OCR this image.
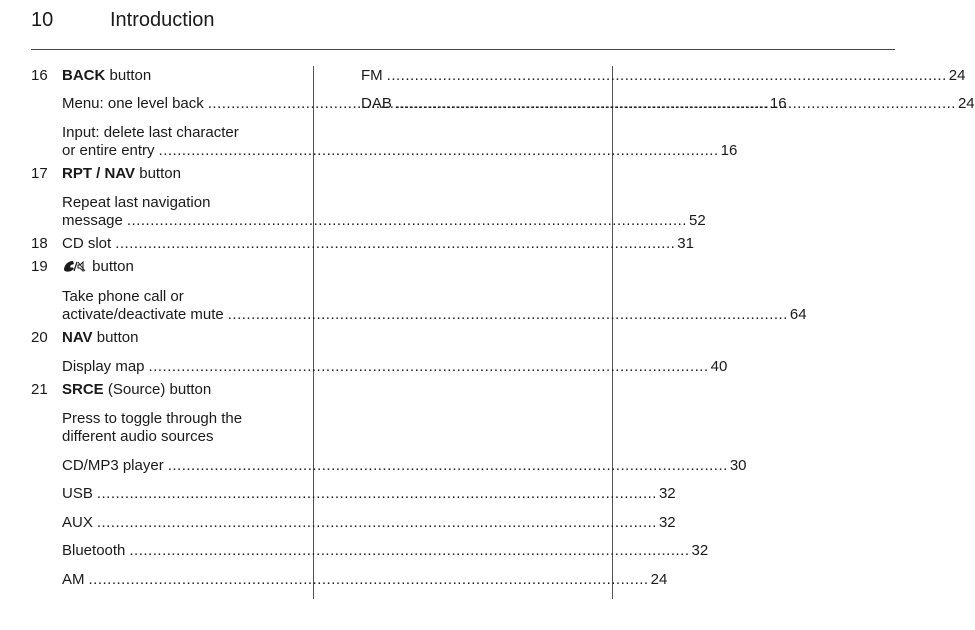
10	Introduction
16 BACK button
Menu: one level back .....	16
Input: delete last character
or entire entry .....	16
17 RPT / NAV button
Repeat last navigation
message .....	52
18 CD slot .....	31
19	button
Take phone call or
activate/deactivate mute .....	64
20 NAV button
Display map .....	40
21 SRCE (Source) button
Press to toggle through the
different audio sources
CD/MP3 player .....	30
USB .....	32
AUX .....	32
Bluetooth .....	32
AM .....	24
FM .....	24
DAB .....	24
